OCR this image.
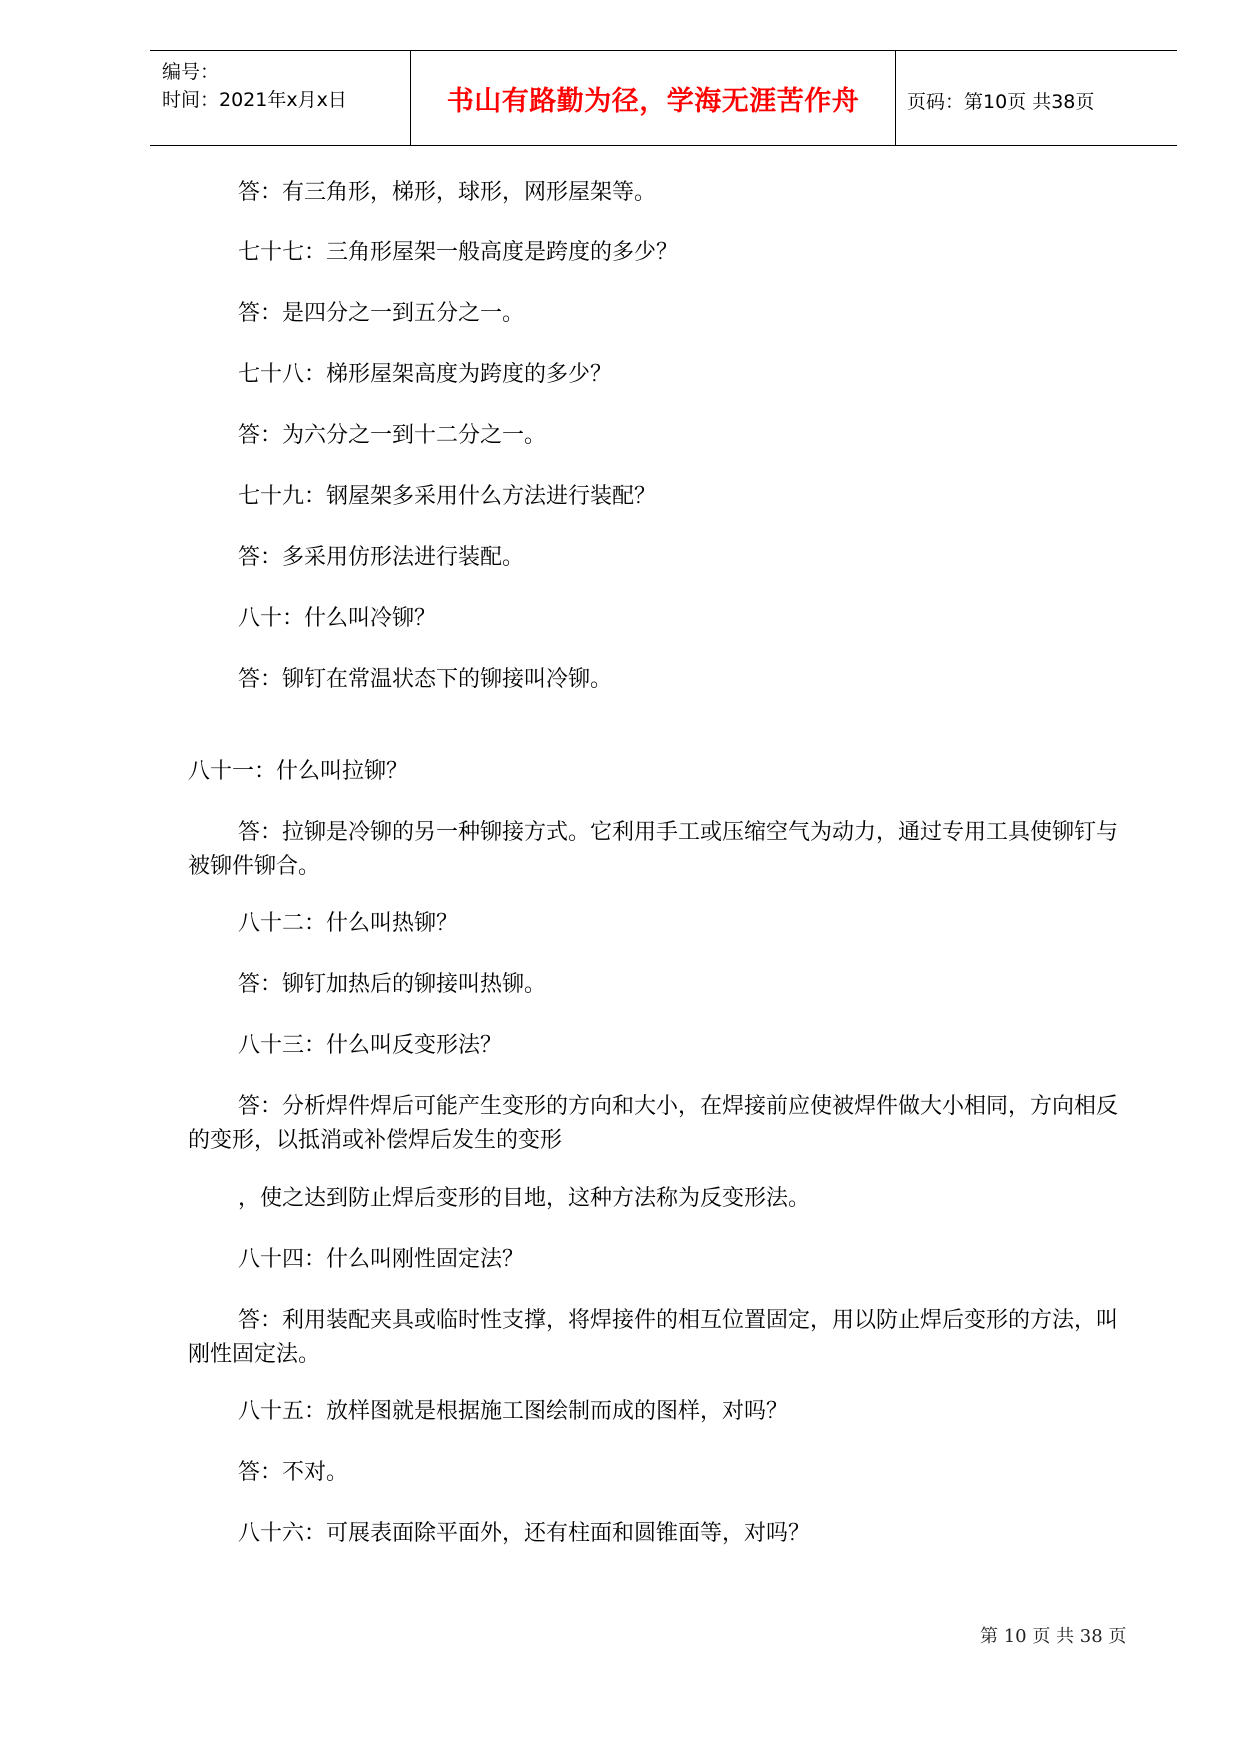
编号：
时间：2021年x月x日	书山有路勤为径，学海无涯苦作舟	页码：第10页 共38页
答：有三角形，梯形，球形，网形屋架等。
七十七：三角形屋架一般高度是跨度的多少？
答：是四分之一到五分之一。
七十八：梯形屋架高度为跨度的多少？
答：为六分之一到十二分之一。
七十九：钢屋架多采用什么方法进行装配？
答：多采用仿形法进行装配。
八十：什么叫冷铆？
答：铆钉在常温状态下的铆接叫冷铆。
八十一：什么叫拉铆？
答：拉铆是冷铆的另一种铆接方式。它利用手工或压缩空气为动力，通过专用工具使铆钉与被铆件铆合。
八十二：什么叫热铆？
答：铆钉加热后的铆接叫热铆。
八十三：什么叫反变形法？
答：分析焊件焊后可能产生变形的方向和大小，在焊接前应使被焊件做大小相同，方向相反的变形，以抵消或补偿焊后发生的变形
，使之达到防止焊后变形的目地，这种方法称为反变形法。
八十四：什么叫刚性固定法？
答：利用装配夹具或临时性支撑，将焊接件的相互位置固定，用以防止焊后变形的方法，叫刚性固定法。
八十五：放样图就是根据施工图绘制而成的图样，对吗？
答：不对。
八十六：可展表面除平面外，还有柱面和圆锥面等，对吗？
第 10 页 共 38 页
